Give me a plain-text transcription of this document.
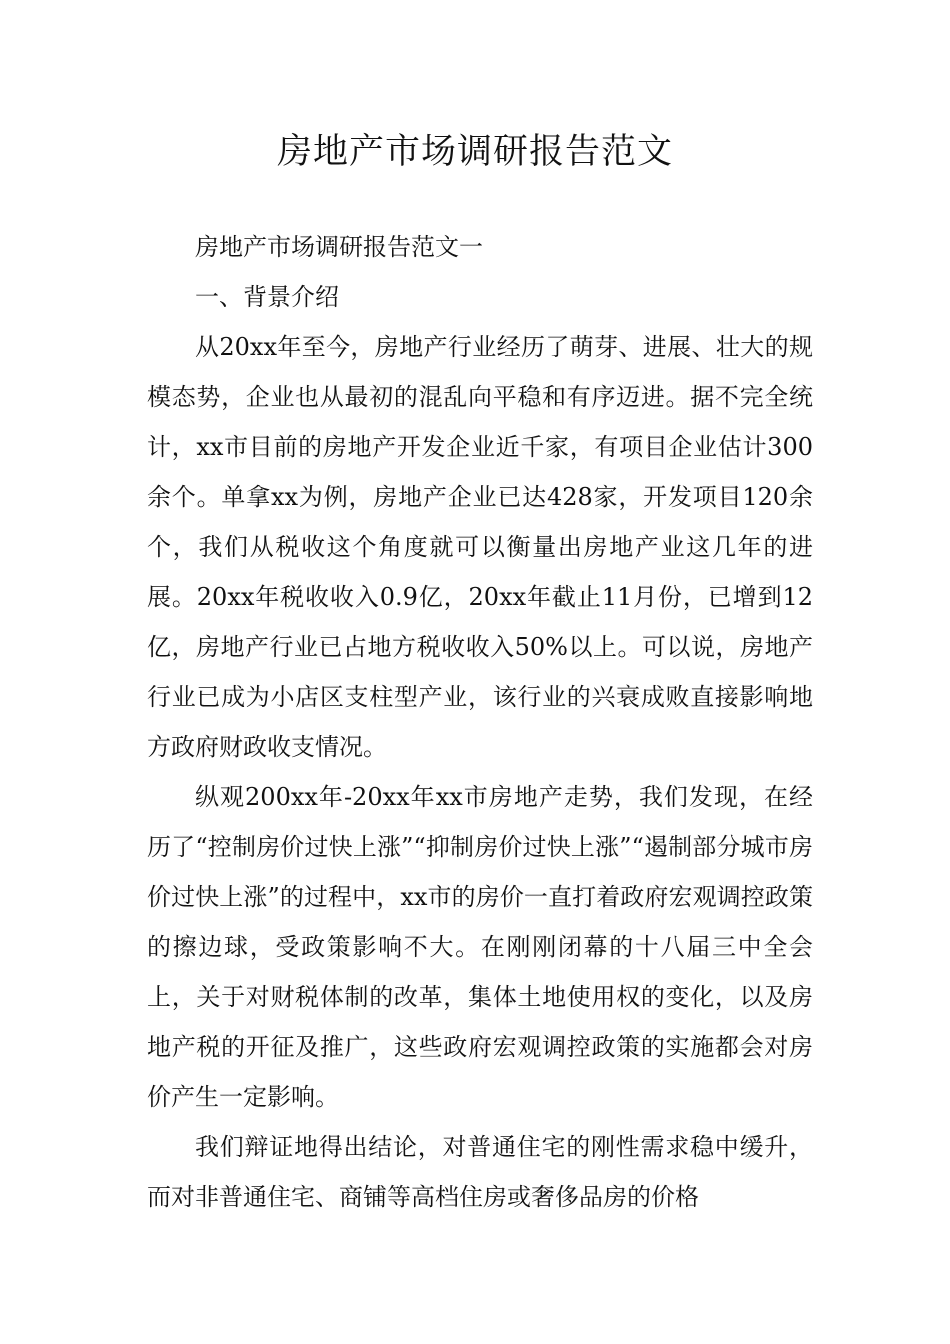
房地产市场调研报告范文

房地产市场调研报告范文一

一、背景介绍

从20xx年至今，房地产行业经历了萌芽、进展、壮大的规模态势，企业也从最初的混乱向平稳和有序迈进。据不完全统计，xx市目前的房地产开发企业近千家，有项目企业估计300余个。单拿xx为例，房地产企业已达428家，开发项目120余个，我们从税收这个角度就可以衡量出房地产业这几年的进展。20xx年税收收入0.9亿，20xx年截止11月份，已增到12亿，房地产行业已占地方税收收入50%以上。可以说，房地产行业已成为小店区支柱型产业，该行业的兴衰成败直接影响地方政府财政收支情况。

纵观200xx年-20xx年xx市房地产走势，我们发现，在经历了“控制房价过快上涨”“抑制房价过快上涨”“遏制部分城市房价过快上涨”的过程中，xx市的房价一直打着政府宏观调控政策的擦边球，受政策影响不大。在刚刚闭幕的十八届三中全会上，关于对财税体制的改革，集体土地使用权的变化，以及房地产税的开征及推广，这些政府宏观调控政策的实施都会对房价产生一定影响。

我们辩证地得出结论，对普通住宅的刚性需求稳中缓升，而对非普通住宅、商铺等高档住房或奢侈品房的价格
